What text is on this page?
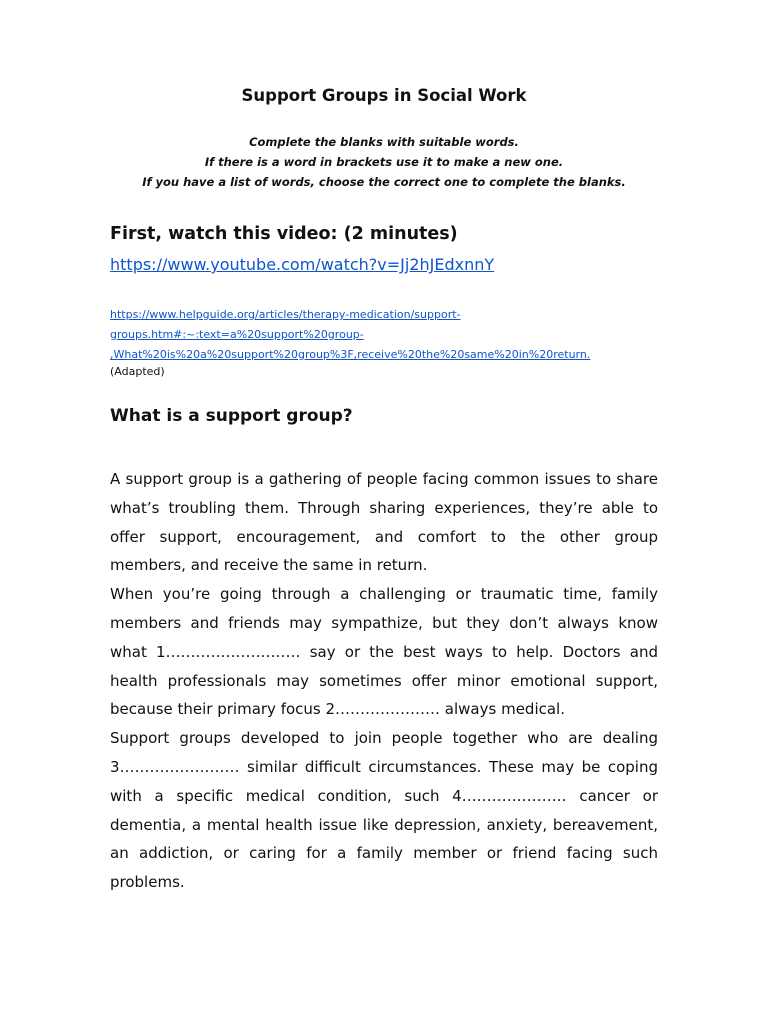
Support Groups in Social Work
Complete the blanks with suitable words.
If there is a word in brackets use it to make a new one.
If you have a list of words, choose the correct one to complete the blanks.
First, watch this video: (2 minutes)
https://www.youtube.com/watch?v=Jj2hJEdxnnY
https://www.helpguide.org/articles/therapy-medication/support-
groups.htm#:~:text=a%20support%20group-
,What%20is%20a%20support%20group%3F,receive%20the%20same%20in%20return.
(Adapted)
What is a support group?

A support group is a gathering of people facing common issues to share what’s troubling them. Through sharing experiences, they’re able to offer support, encouragement, and comfort to the other group members, and receive the same in return.

When you’re going through a challenging or traumatic time, family members and friends may sympathize, but they don’t always know what 1……………………… say or the best ways to help. Doctors and health professionals may sometimes offer minor emotional support, because their primary focus 2………………… always medical.

Support groups developed to join people together who are dealing 3…………………… similar difficult circumstances. These may be coping with a specific medical condition, such 4………………… cancer or dementia, a mental health issue like depression, anxiety, bereavement, an addiction, or caring for a family member or friend facing such problems.
